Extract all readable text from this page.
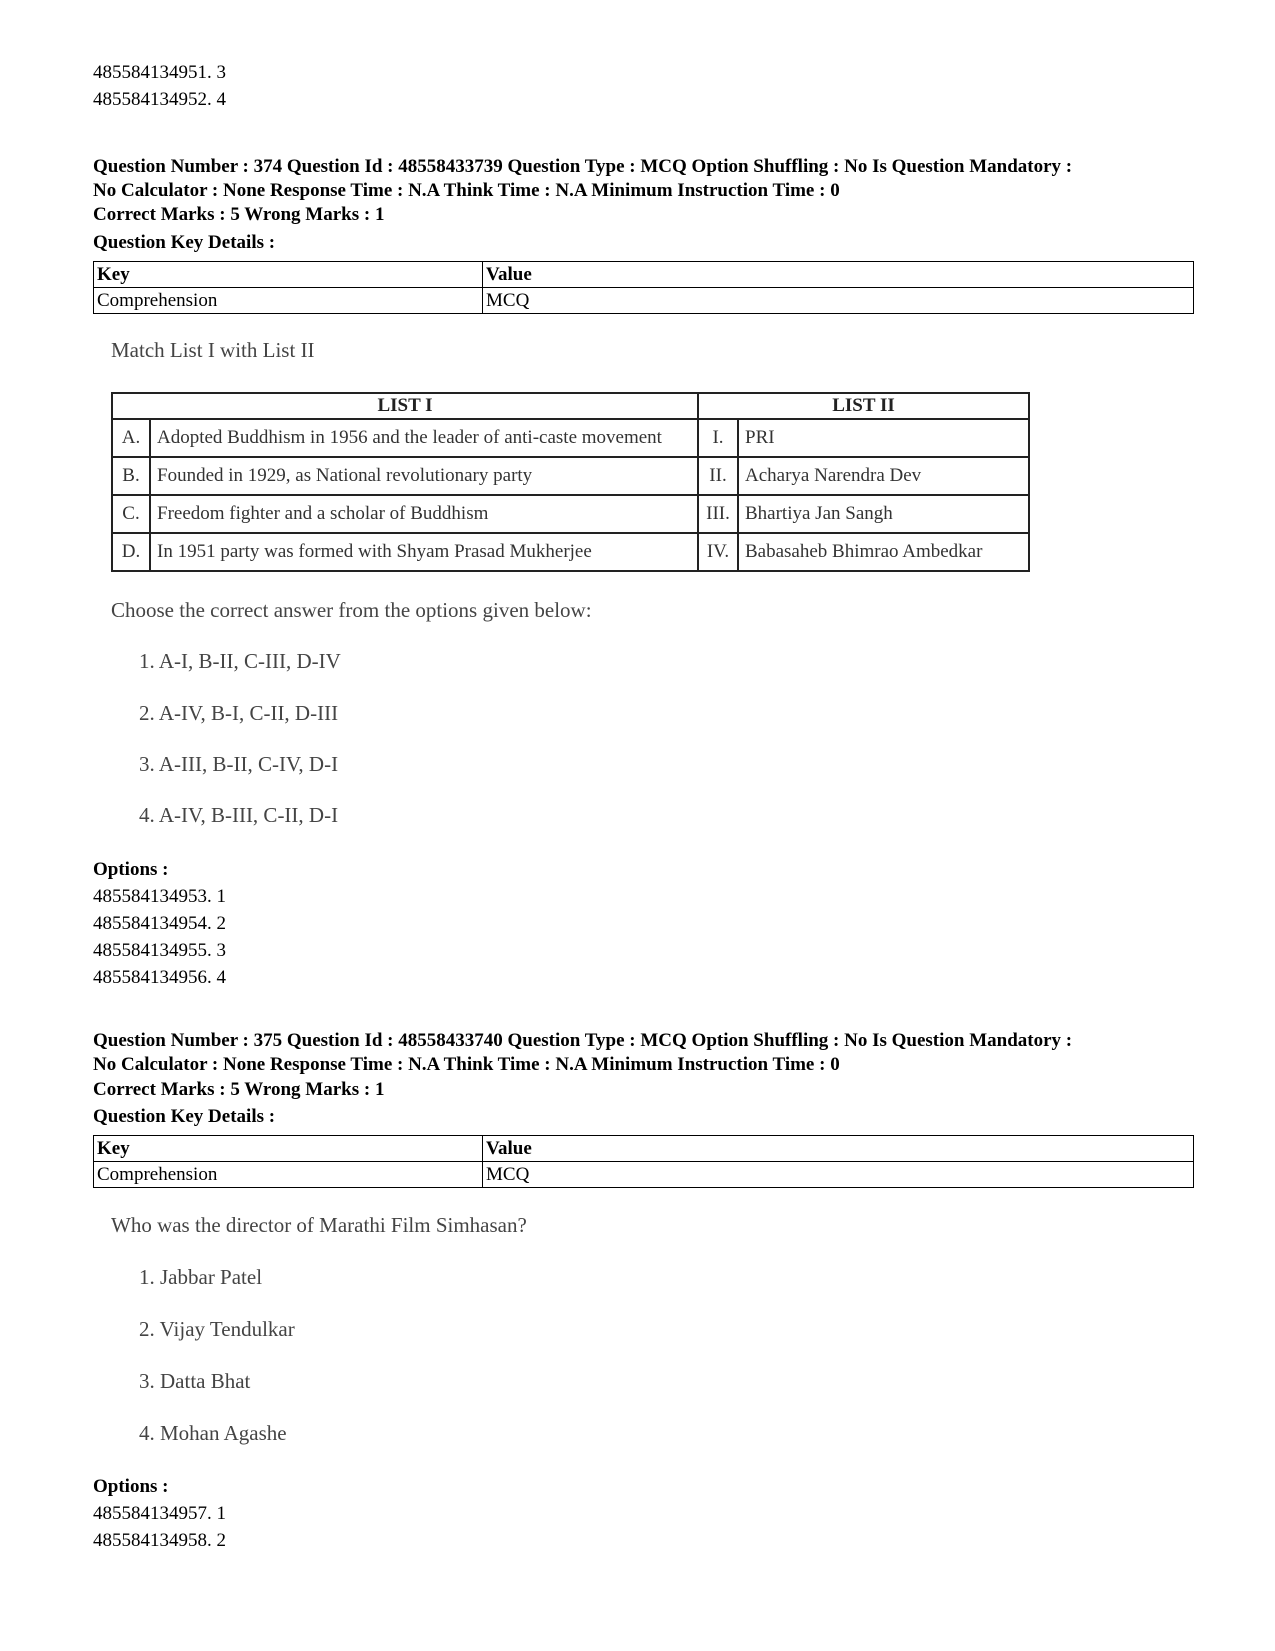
485584134951. 3
485584134952. 4
Question Number : 374 Question Id : 48558433739 Question Type : MCQ Option Shuffling : No Is Question Mandatory :
No Calculator : None Response Time : N.A Think Time : N.A Minimum Instruction Time : 0
Correct Marks : 5 Wrong Marks : 1
Question Key Details :
Key	Value
Comprehension	MCQ
Match List I with List II
LIST I		LIST II	
A.	Adopted Buddhism in 1956 and the leader of anti-caste movement	I.	PRI
B.	Founded in 1929, as National revolutionary party	II.	Acharya Narendra Dev
C.	Freedom fighter and a scholar of Buddhism	III.	Bhartiya Jan Sangh
D.	In 1951 party was formed with Shyam Prasad Mukherjee	IV.	Babasaheb Bhimrao Ambedkar
Choose the correct answer from the options given below:
1. A-I, B-II, C-III, D-IV
2. A-IV, B-I, C-II, D-III
3. A-III, B-II, C-IV, D-I
4. A-IV, B-III, C-II, D-I
Options :
485584134953. 1
485584134954. 2
485584134955. 3
485584134956. 4
Question Number : 375 Question Id : 48558433740 Question Type : MCQ Option Shuffling : No Is Question Mandatory :
No Calculator : None Response Time : N.A Think Time : N.A Minimum Instruction Time : 0
Correct Marks : 5 Wrong Marks : 1
Question Key Details :
Key	Value
Comprehension	MCQ
Who was the director of Marathi Film Simhasan?
1. Jabbar Patel
2. Vijay Tendulkar
3. Datta Bhat
4. Mohan Agashe
Options :
485584134957. 1
485584134958. 2
